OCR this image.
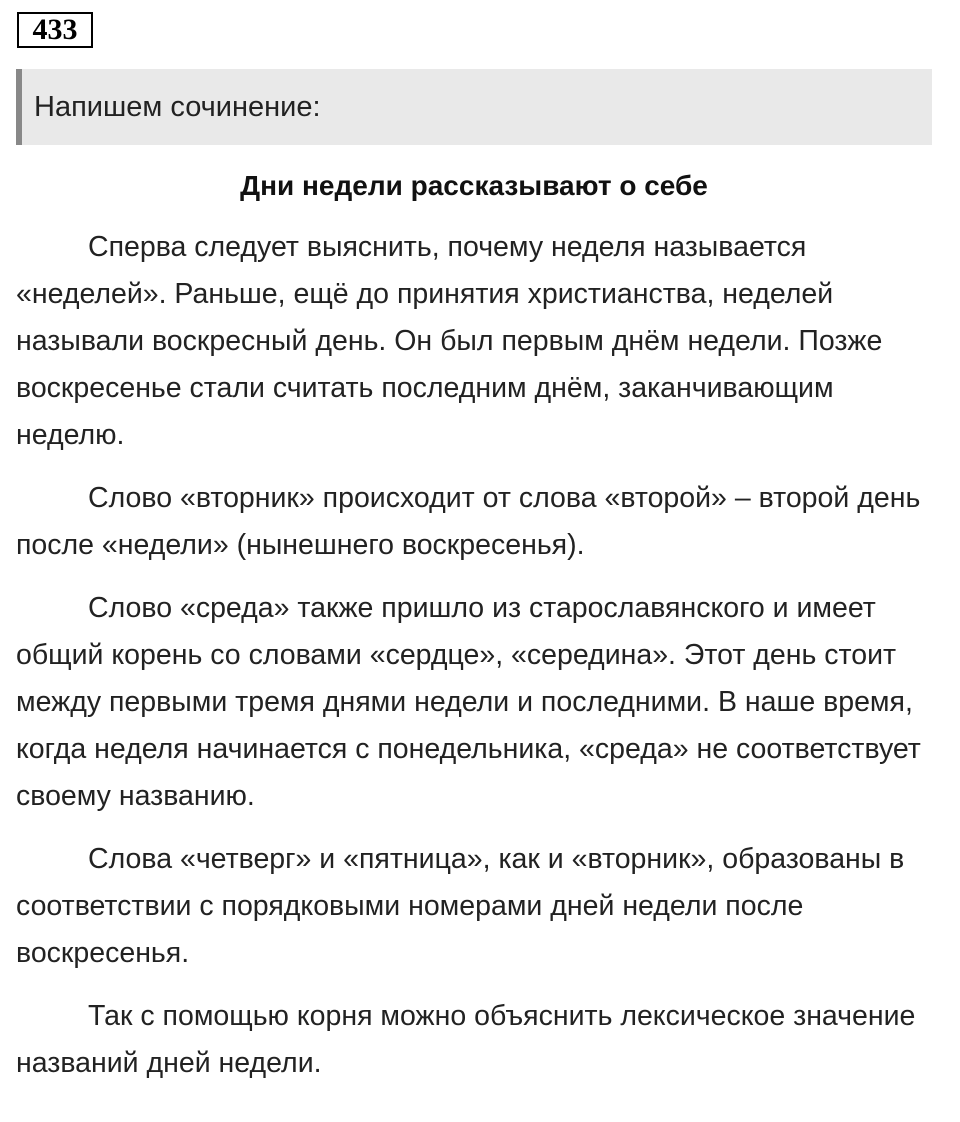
433
Напишем сочинение:
Дни недели рассказывают о себе

Сперва следует выяснить, почему неделя называется «неделей». Раньше, ещё до принятия христианства, неделей называли воскресный день. Он был первым днём недели. Позже воскресенье стали считать последним днём, заканчивающим неделю.

Слово «вторник» происходит от слова «второй» – второй день после «недели» (нынешнего воскресенья).

Слово «среда» также пришло из старославянского и имеет общий корень со словами «сердце», «середина». Этот день стоит между первыми тремя днями недели и последними. В наше время, когда неделя начинается с понедельника, «среда» не соответствует своему названию.

Слова «четверг» и «пятница», как и «вторник», образованы в соответствии с порядковыми номерами дней недели после воскресенья.

Так с помощью корня можно объяснить лексическое значение названий дней недели.
